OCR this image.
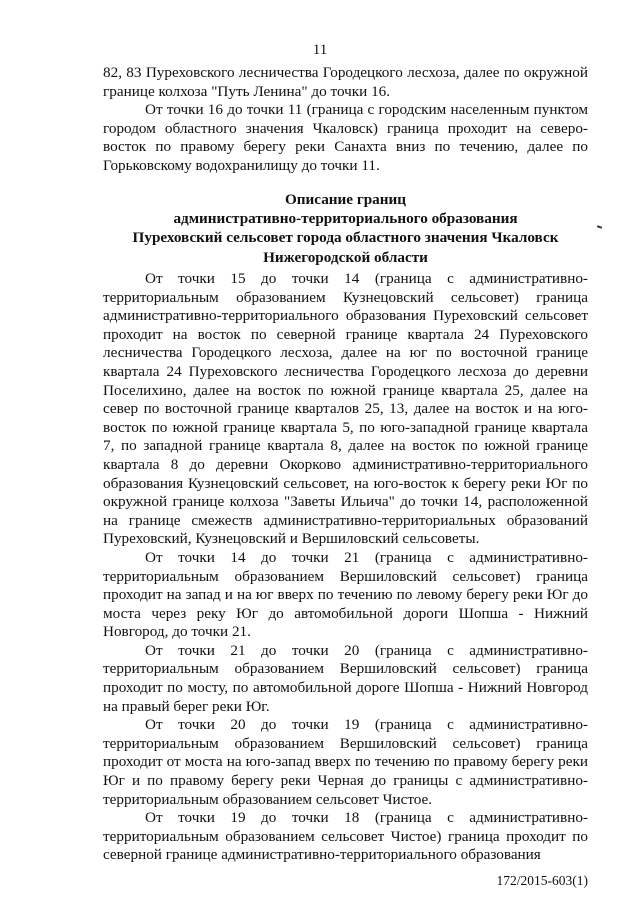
11

82, 83 Пуреховского лесничества Городецкого лесхоза, далее по окружной границе колхоза "Путь Ленина" до точки 16.

От точки 16 до точки 11 (граница с городским населенным пунктом городом областного значения Чкаловск) граница проходит на северо-восток по правому берегу реки Санахта вниз по течению, далее по Горьковскому водохранилищу до точки 11.

Описание границ
административно-территориального образования
Пуреховский сельсовет города областного значения Чкаловск
Нижегородской области

От точки 15 до точки 14 (граница с административно-территориальным образованием Кузнецовский сельсовет) граница административно-территориального образования Пуреховский сельсовет проходит на восток по северной границе квартала 24 Пуреховского лесничества Городецкого лесхоза, далее на юг по восточной границе квартала 24 Пуреховского лесничества Городецкого лесхоза до деревни Поселихино, далее на восток по южной границе квартала 25, далее на север по восточной границе кварталов 25, 13, далее на восток и на юго-восток по южной границе квартала 5, по юго-западной границе квартала 7, по западной границе квартала 8, далее на восток по южной границе квартала 8 до деревни Окорково административно-территориального образования Кузнецовский сельсовет, на юго-восток к берегу реки Юг по окружной границе колхоза "Заветы Ильича" до точки 14, расположенной на границе смежеств административно-территориальных образований Пуреховский, Кузнецовский и Вершиловский сельсоветы.

От точки 14 до точки 21 (граница с административно-территориальным образованием Вершиловский сельсовет) граница проходит на запад и на юг вверх по течению по левому берегу реки Юг до моста через реку Юг до автомобильной дороги Шопша - Нижний Новгород, до точки 21.

От точки 21 до точки 20 (граница с административно-территориальным образованием Вершиловский сельсовет) граница проходит по мосту, по автомобильной дороге Шопша - Нижний Новгород на правый берег реки Юг.

От точки 20 до точки 19 (граница с административно-территориальным образованием Вершиловский сельсовет) граница проходит от моста на юго-запад вверх по течению по правому берегу реки Юг и по правому берегу реки Черная до границы с административно-территориальным образованием сельсовет Чистое.

От точки 19 до точки 18 (граница с административно-территориальным образованием сельсовет Чистое) граница проходит по северной границе административно-территориального образования

172/2015-603(1)
